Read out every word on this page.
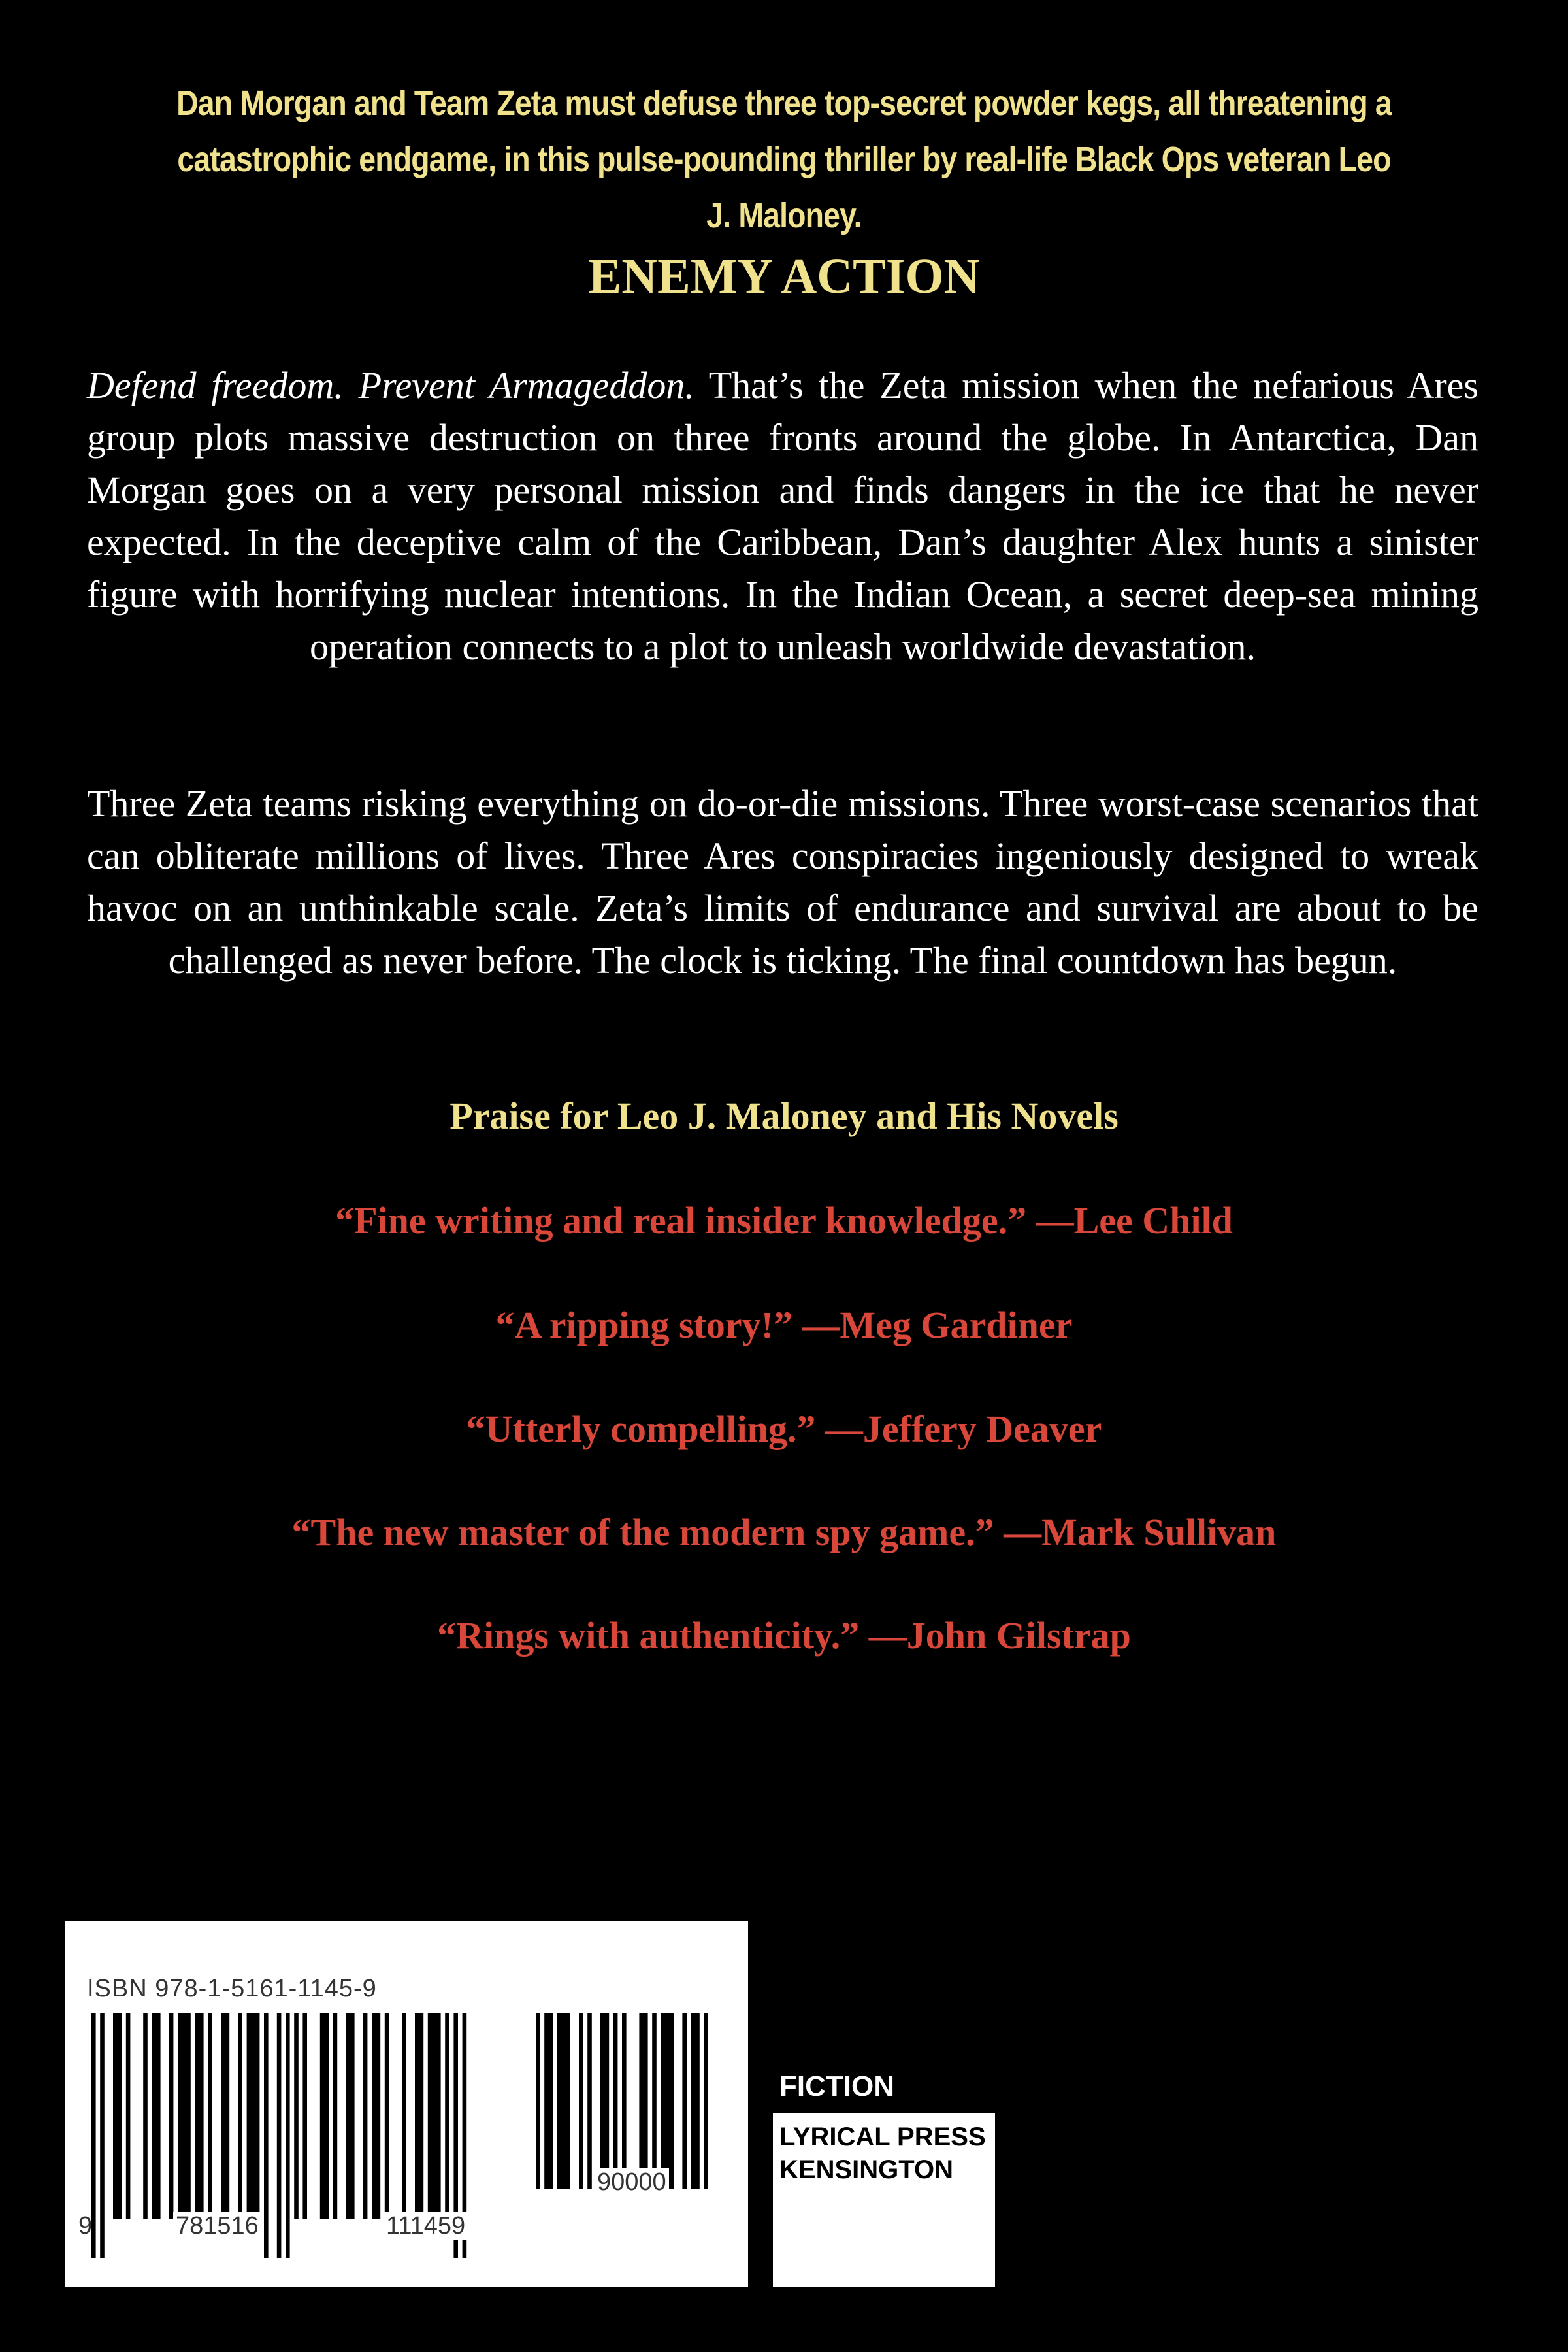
Dan Morgan and Team Zeta must defuse three top-secret powder kegs, all threatening a catastrophic endgame, in this pulse-pounding thriller by real-life Black Ops veteran Leo J. Maloney.
ENEMY ACTION
Defend freedom. Prevent Armageddon. That’s the Zeta mission when the nefarious Ares group plots massive destruction on three fronts around the globe. In Antarctica, Dan Morgan goes on a very personal mission and finds dangers in the ice that he never expected. In the deceptive calm of the Caribbean, Dan’s daughter Alex hunts a sinister figure with horrifying nuclear intentions. In the Indian Ocean, a secret deep-sea mining operation connects to a plot to unleash worldwide devastation.
Three Zeta teams risking everything on do-or-die missions. Three worst-case scenarios that can obliterate millions of lives. Three Ares conspiracies ingeniously designed to wreak havoc on an unthinkable scale. Zeta’s limits of endurance and survival are about to be challenged as never before. The clock is ticking. The final countdown has begun.
Praise for Leo J. Maloney and His Novels
“Fine writing and real insider knowledge.” —Lee Child
“A ripping story!” —Meg Gardiner
“Utterly compelling.” —Jeffery Deaver
“The new master of the modern spy game.” —Mark Sullivan
“Rings with authenticity.” —John Gilstrap
ISBN 978-1-5161-1145-9
9	781516	111459
90000
FICTION
LYRICAL PRESS
KENSINGTON
